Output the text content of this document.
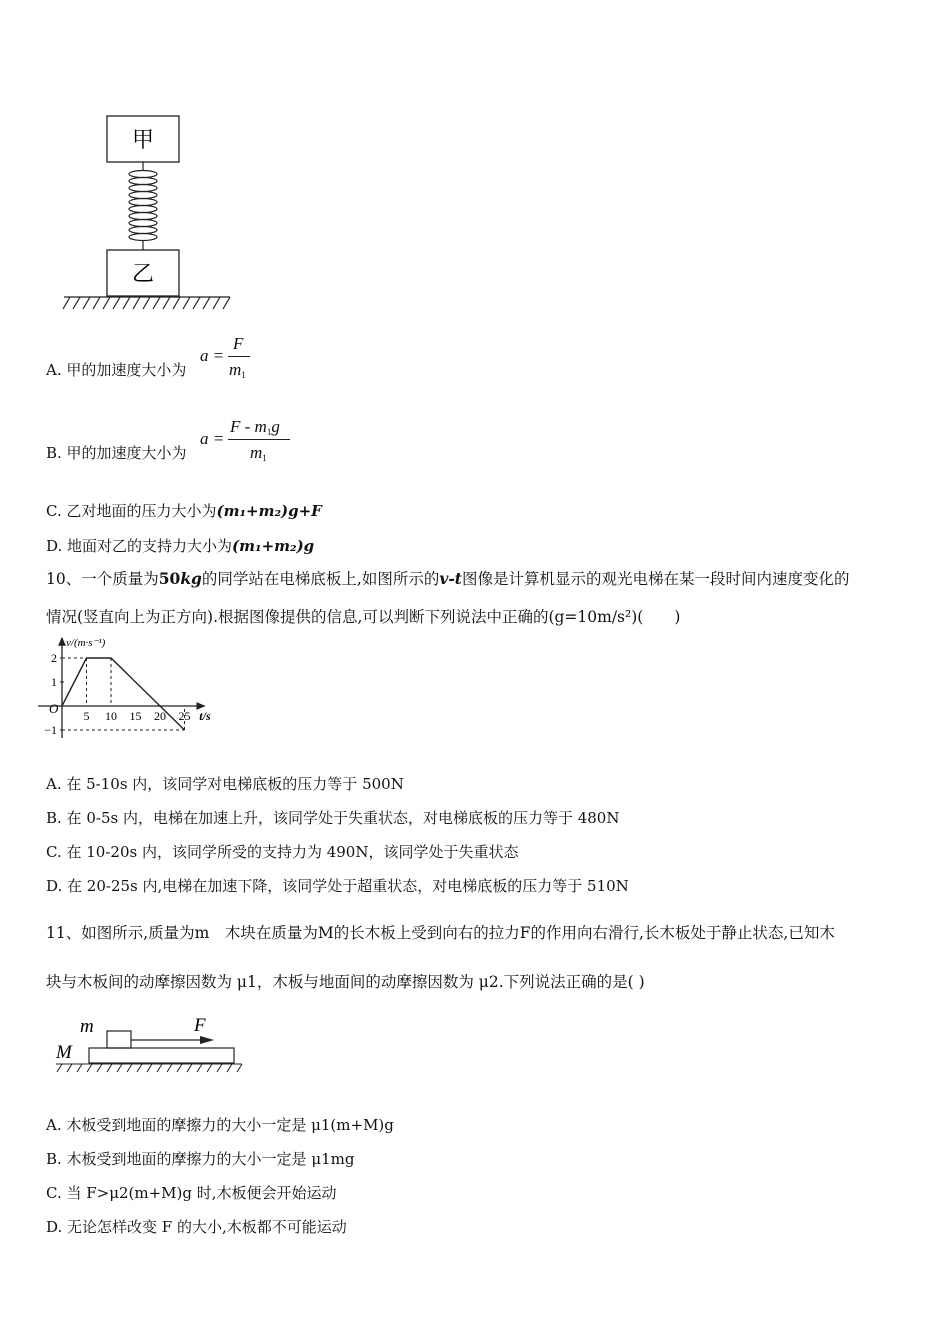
甲
乙
A. 甲的加速度大小为
a =
F
$m_1$
B. 甲的加速度大小为
a =
F - $m_1g$
$m_1$
C. 乙对地面的压力大小为(m₁+m₂)g+F
D. 地面对乙的支持力大小为(m₁+m₂)g
10、一个质量为50kg的同学站在电梯底板上,如图所示的v-t图像是计算机显示的观光电梯在某一段时间内速度变化的
情况(竖直向上为正方向).根据图像提供的信息,可以判断下列说法中正确的(g=10m/s²)(　　)
v/(m·s⁻¹)
t/s
O 5 10 15 20 25
2
1
−1
A. 在 5-10s 内，该同学对电梯底板的压力等于 500N
B. 在 0-5s 内，电梯在加速上升，该同学处于失重状态，对电梯底板的压力等于 480N
C. 在 10-20s 内，该同学所受的支持力为 490N，该同学处于失重状态
D. 在 20-25s 内,电梯在加速下降，该同学处于超重状态，对电梯底板的压力等于 510N
11、如图所示,质量为m　木块在质量为M的长木板上受到向右的拉力F的作用向右滑行,长木板处于静止状态,已知木
块与木板间的动摩擦因数为 μ1，木板与地面间的动摩擦因数为 μ2.下列说法正确的是( )
m
M
F
A. 木板受到地面的摩擦力的大小一定是 μ1(m+M)g
B. 木板受到地面的摩擦力的大小一定是 μ1mg
C. 当 F>μ2(m+M)g 时,木板便会开始运动
D. 无论怎样改变 F 的大小,木板都不可能运动
